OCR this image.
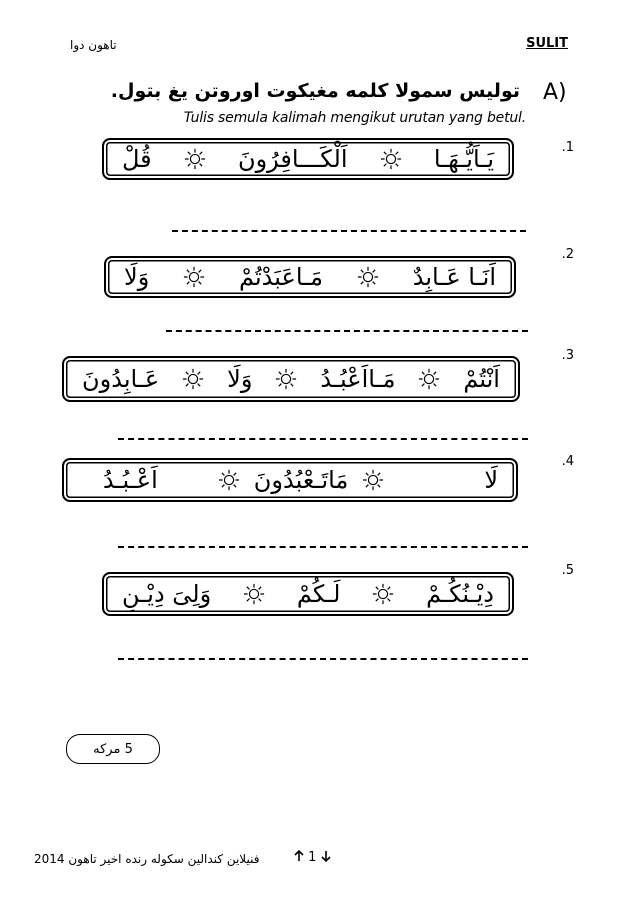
تاهون دوا	SULIT
A)
توليس سمولا كلمه مغيكوت اوروتن يغ بتول.
Tulis semula kalimah mengikut urutan yang betul.
.1
يَـاَيُّـهَـا
اَلْكَـــافِرُونَ
قُلْ
.2
اَنَـا عَـابِدٌ
مَـاعَبَدْتُمْ
وَلَا
.3
اَنْتُمْ
مَـااَعْبُـدُ
وَلَا
عَـابِدُونَ
.4
لَا
مَاتَـعْبُدُونَ
اَعْـبُـدُ
.5
دِيْـنُكُـمْ
لَـكُمْ
وَلِىَ دِيْـنِ
5 مركه
فنيلاين كندالين سكوله رنده اخير تاهون 2014	1
